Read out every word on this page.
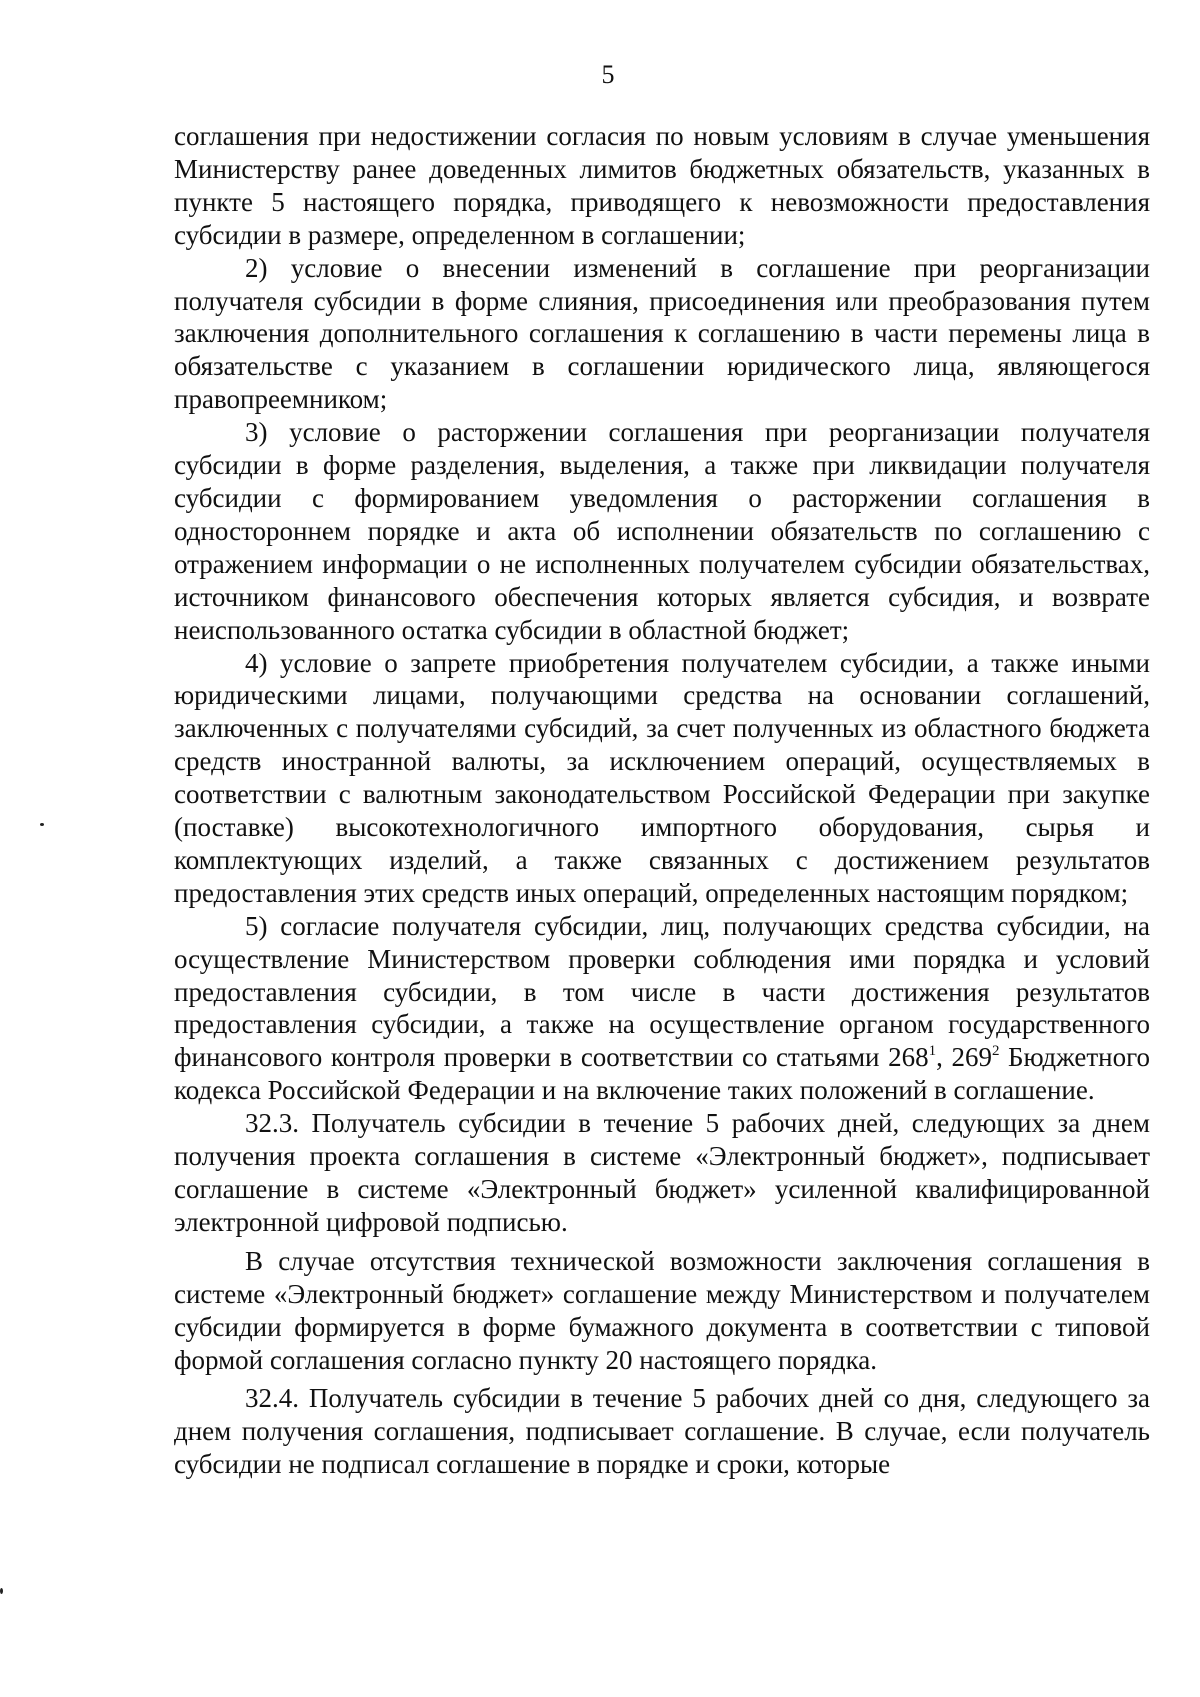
5

соглашения при недостижении согласия по новым условиям в случае уменьшения Министерству ранее доведенных лимитов бюджетных обязательств, указанных в пункте 5 настоящего порядка, приводящего к невозможности предоставления субсидии в размере, определенном в соглашении;

2) условие о внесении изменений в соглашение при реорганизации получателя субсидии в форме слияния, присоединения или преобразования путем заключения дополнительного соглашения к соглашению в части перемены лица в обязательстве с указанием в соглашении юридического лица, являющегося правопреемником;

3) условие о расторжении соглашения при реорганизации получателя субсидии в форме разделения, выделения, а также при ликвидации получателя субсидии с формированием уведомления о расторжении соглашения в одностороннем порядке и акта об исполнении обязательств по соглашению с отражением информации о не исполненных получателем субсидии обязательствах, источником финансового обеспечения которых является субсидия, и возврате неиспользованного остатка субсидии в областной бюджет;

4) условие о запрете приобретения получателем субсидии, а также иными юридическими лицами, получающими средства на основании соглашений, заключенных с получателями субсидий, за счет полученных из областного бюджета средств иностранной валюты, за исключением операций, осуществляемых в соответствии с валютным законодательством Российской Федерации при закупке (поставке) высокотехнологичного импортного оборудования, сырья и комплектующих изделий, а также связанных с достижением результатов предоставления этих средств иных операций, определенных настоящим порядком;

5) согласие получателя субсидии, лиц, получающих средства субсидии, на осуществление Министерством проверки соблюдения ими порядка и условий предоставления субсидии, в том числе в части достижения результатов предоставления субсидии, а также на осуществление органом государственного финансового контроля проверки в соответствии со статьями $268^1$, $269^2$ Бюджетного кодекса Российской Федерации и на включение таких положений в соглашение.

32.3. Получатель субсидии в течение 5 рабочих дней, следующих за днем получения проекта соглашения в системе «Электронный бюджет», подписывает соглашение в системе «Электронный бюджет» усиленной квалифицированной электронной цифровой подписью.

В случае отсутствия технической возможности заключения соглашения в системе «Электронный бюджет» соглашение между Министерством и получателем субсидии формируется в форме бумажного документа в соответствии с типовой формой соглашения согласно пункту 20 настоящего порядка.

32.4. Получатель субсидии в течение 5 рабочих дней со дня, следующего за днем получения соглашения, подписывает соглашение. В случае, если получатель субсидии не подписал соглашение в порядке и сроки, которые
